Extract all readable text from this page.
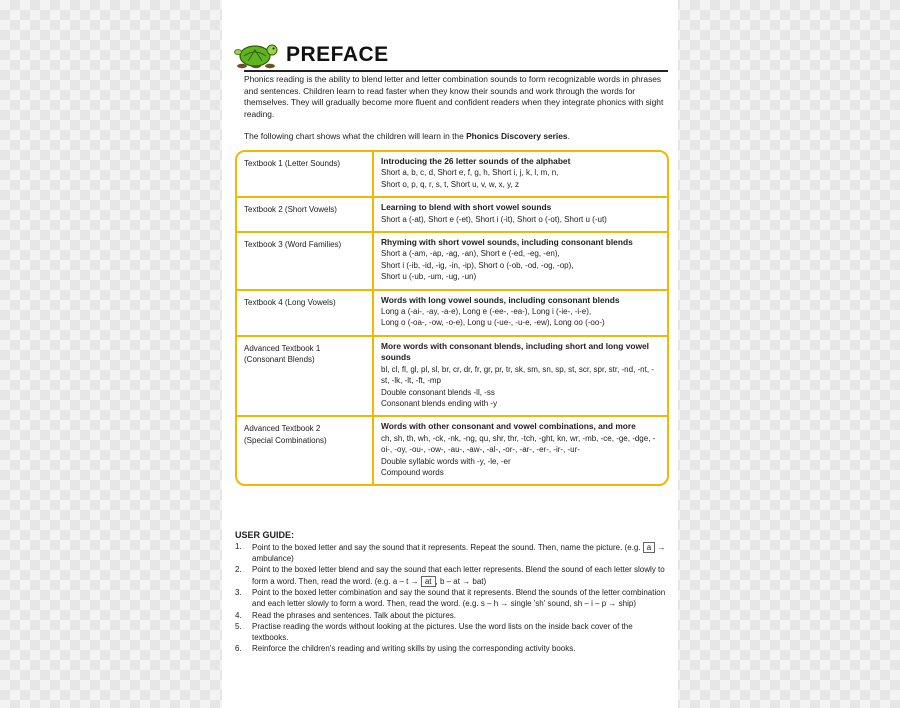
PREFACE

Phonics reading is the ability to blend letter and letter combination sounds to form recognizable words in phrases and sentences. Children learn to read faster when they know their sounds and work through the words for themselves. They will gradually become more fluent and confident readers when they integrate phonics with sight reading.

The following chart shows what the children will learn in the Phonics Discovery series.

Textbook 1 (Letter Sounds)	Introducing the 26 letter sounds of the alphabet
Short a, b, c, d, Short e, f, g, h, Short i, j, k, l, m, n,
Short o, p, q, r, s, t, Short u, v, w, x, y, z

Textbook 2 (Short Vowels)	Learning to blend with short vowel sounds
Short a (-at), Short e (-et), Short i (-it), Short o (-ot), Short u (-ut)

Textbook 3 (Word Families)	Rhyming with short vowel sounds, including consonant blends
Short a (-am, -ap, -ag, -an), Short e (-ed, -eg, -en),
Short i (-ib, -id, -ig, -in, -ip), Short o (-ob, -od, -og, -op),
Short u (-ub, -um, -ug, -un)

Textbook 4 (Long Vowels)	Words with long vowel sounds, including consonant blends
Long a (-ai-, -ay, -a-e), Long e (-ee-, -ea-), Long i (-ie-, -i-e),
Long o (-oa-, -ow, -o-e), Long u (-ue-, -u-e, -ew), Long oo (-oo-)

Advanced Textbook 1
(Consonant Blends)	More words with consonant blends, including short and long vowel sounds
bl, cl, fl, gl, pl, sl, br, cr, dr, fr, gr, pr, tr, sk, sm, sn, sp, st, scr, spr, str, -nd, -nt, -st, -lk, -lt, -ft, -mp
Double consonant blends -ll, -ss
Consonant blends ending with -y

Advanced Textbook 2
(Special Combinations)	Words with other consonant and vowel combinations, and more
ch, sh, th, wh, -ck, -nk, -ng, qu, shr, thr, -tch, -ght, kn, wr, -mb, -ce, -ge, -dge, -oi-, -oy, -ou-, -ow-, -au-, -aw-, -al-, -or-, -ar-, -er-, -ir-, -ur-
Double syllabic words with -y, -le, -er
Compound words

USER GUIDE:

1.	Point to the boxed letter and say the sound that it represents. Repeat the sound. Then, name the picture. (e.g. a → ambulance)
2.	Point to the boxed letter blend and say the sound that each letter represents. Blend the sound of each letter slowly to form a word. Then, read the word. (e.g. a – t → at , b – at → bat)
3.	Point to the boxed letter combination and say the sound that it represents. Blend the sounds of the letter combination and each letter slowly to form a word. Then, read the word. (e.g. s – h → single 'sh' sound, sh – i – p → ship)
4.	Read the phrases and sentences. Talk about the pictures.
5.	Practise reading the words without looking at the pictures. Use the word lists on the inside back cover of the textbooks.
6.	Reinforce the children's reading and writing skills by using the corresponding activity books.
